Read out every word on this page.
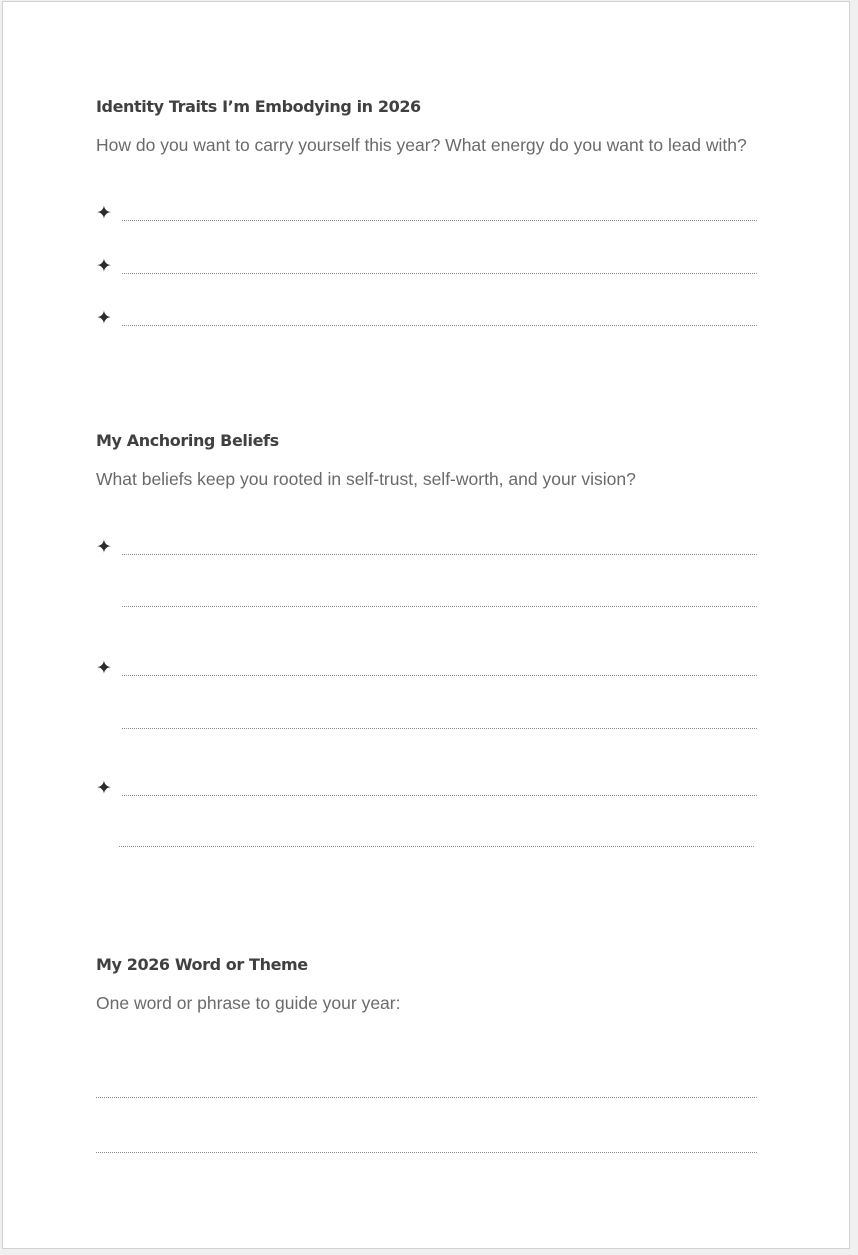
Identity Traits I’m Embodying in 2026
How do you want to carry yourself this year? What energy do you want to lead with?
✦
✦
✦
My Anchoring Beliefs
What beliefs keep you rooted in self-trust, self-worth, and your vision?
✦
✦
✦
My 2026 Word or Theme
One word or phrase to guide your year:
